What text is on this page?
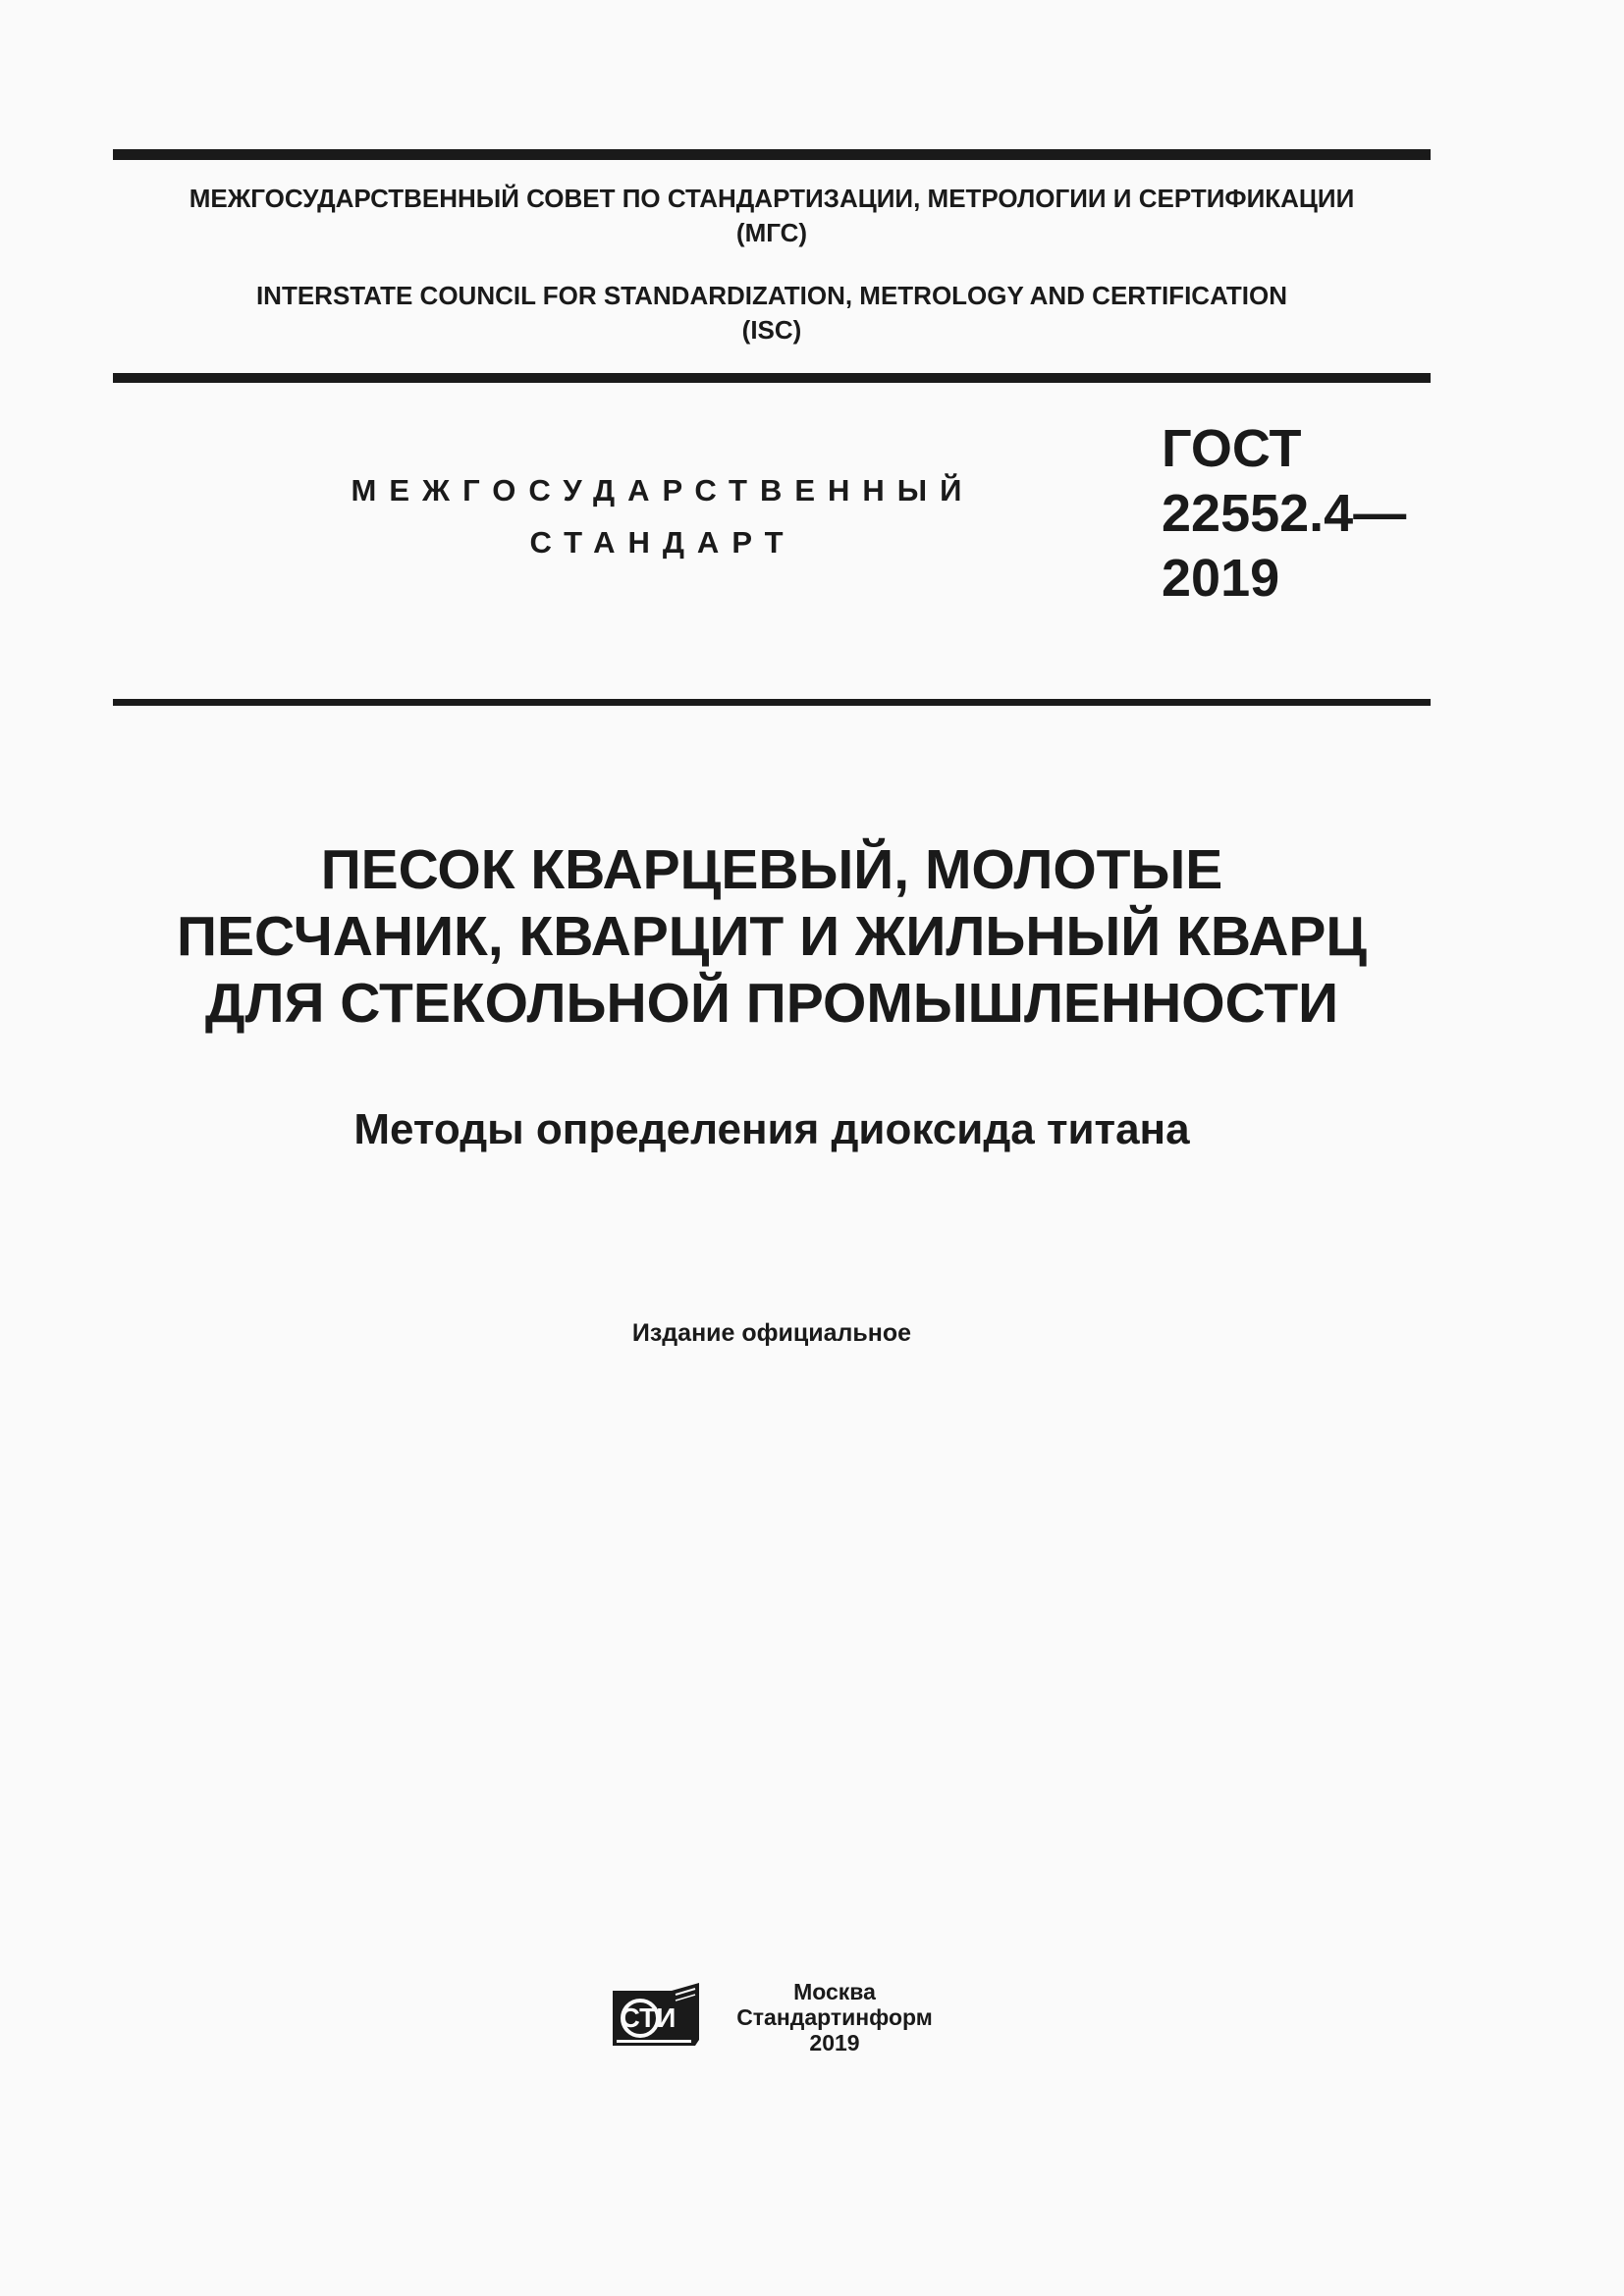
МЕЖГОСУДАРСТВЕННЫЙ СОВЕТ ПО СТАНДАРТИЗАЦИИ, МЕТРОЛОГИИ И СЕРТИФИКАЦИИ
(МГС)
INTERSTATE COUNCIL FOR STANDARDIZATION, METROLOGY AND CERTIFICATION
(ISC)
МЕЖГОСУДАРСТВЕННЫЙ
СТАНДАРТ
ГОСТ
22552.4—
2019
ПЕСОК КВАРЦЕВЫЙ, МОЛОТЫЕ
ПЕСЧАНИК, КВАРЦИТ И ЖИЛЬНЫЙ КВАРЦ
ДЛЯ СТЕКОЛЬНОЙ ПРОМЫШЛЕННОСТИ
Методы определения диоксида титана
Издание официальное
СТИ
Москва
Стандартинформ
2019
